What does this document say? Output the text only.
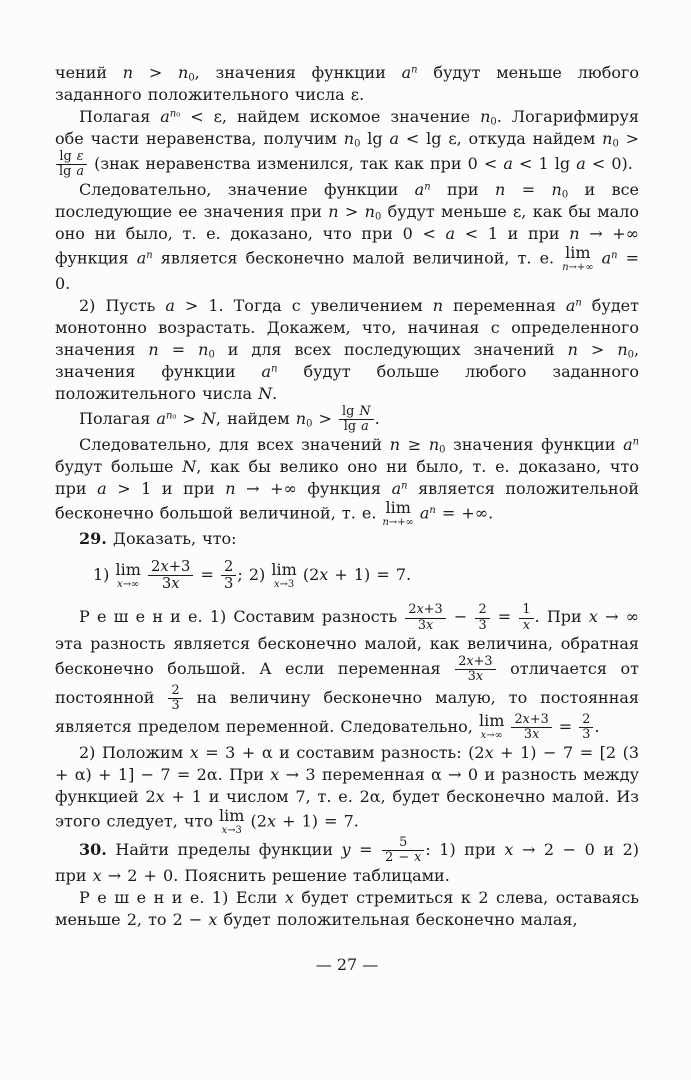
чений $n > n_0$, значения функции $a^n$ будут меньше любого заданного положительного числа ε.

Полагая $a^{n_0} < \varepsilon$, найдем искомое значение $n_0$. Логарифмируя обе части неравенства, получим $n_0$ lg a < lg ε, откуда найдем $n_0$ >
$\frac{\text{lg ε}}{\text{lg a}}$ (знак неравенства изменился, так как при 0 < a < 1 lg a < 0).

Следовательно, значение функции $a^n$ при $n = n_0$ и все последующие ее значения при $n > n_0$ будут меньше ε, как бы мало оно ни было, т. е. доказано, что при 0 < a < 1 и при n → +∞ функция $a^n$ является бесконечно малой величиной, т. е. lim
n→+∞
$a^n = 0$.

2) Пусть a > 1. Тогда с увеличением n переменная $a^n$ будет монотонно возрастать. Докажем, что, начиная с определенного значения $n = n_0$ и для всех последующих значений $n > n_0$, значения функции $a^n$ будут больше любого заданного положительного числа N.

Полагая $a^{n_0} > N$, найдем $n_0 > \frac{\text{lg N}}{\text{lg a}}$ .

Следовательно, для всех значений $n \ge n_0$ значения функции $a^n$ будут больше N, как бы велико оно ни было, т. е. доказано, что при a > 1 и при n → +∞ функция $a^n$ является положительной бесконечно большой величиной, т. е. lim
n→+∞
$a^n$ = +∞.

29. Доказать, что:

1) lim
x→∞
$\frac{2x+3}{3x} = \frac{2}{3}$ ; 2) lim
x→3
(2x + 1) = 7.

Р е ш е н и е. 1) Составим разность $\frac{2x+3}{3x} - \frac{2}{3} = \frac{1}{x}$ . При x → ∞ эта разность является бесконечно малой, как величина, обратная бесконечно большой. А если переменная $\frac{2x+3}{3x}$ отличается от постоянной $\frac{2}{3}$ на величину бесконечно малую, то постоянная является пределом переменной. Следовательно, lim
x→∞
$\frac{2x+3}{3x} = \frac{2}{3}$ .

2) Положим x = 3 + α и составим разность: (2x + 1) − 7 = [2 (3 + α) + 1] − 7 = 2α. При x → 3 переменная α → 0 и разность между функцией 2x + 1 и числом 7, т. е. 2α, будет бесконечно малой. Из этого следует, что lim
x→3
(2x + 1) = 7.

30. Найти пределы функции $y = \frac{5}{2 - x}$ : 1) при x → 2 − 0 и 2) при x → 2 + 0. Пояснить решение таблицами.

Р е ш е н и е. 1) Если x будет стремиться к 2 слева, оставаясь меньше 2, то 2 − x будет положительная бесконечно малая,

— 27 —
